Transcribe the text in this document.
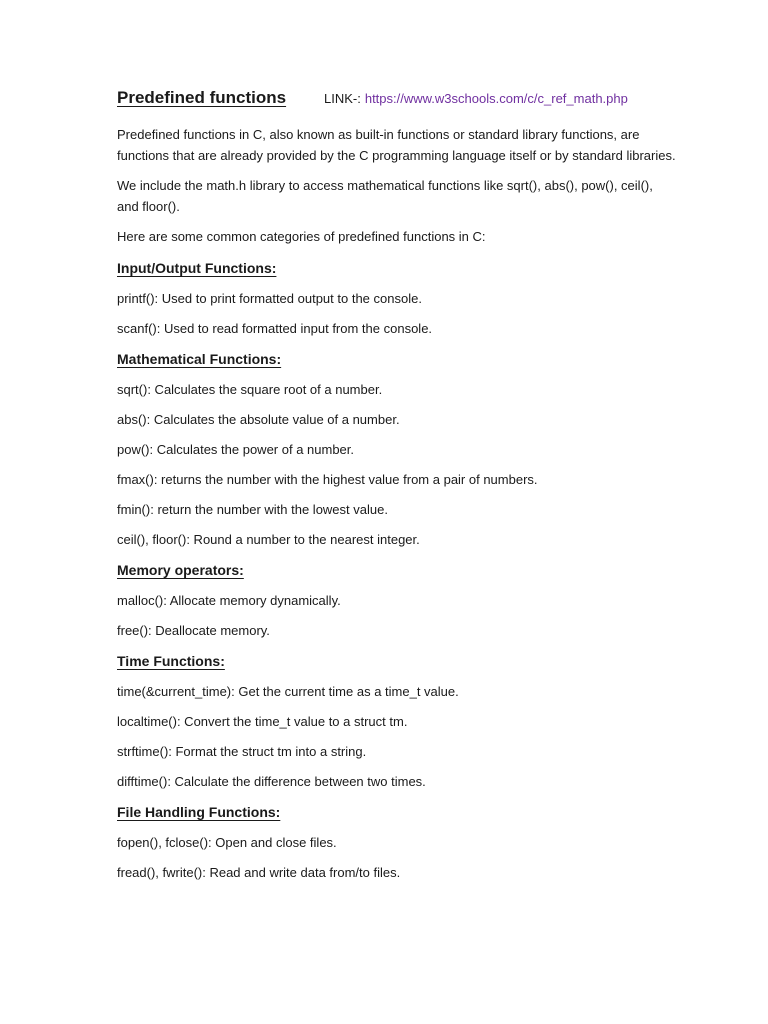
Predefined functions	LINK-: https://www.w3schools.com/c/c_ref_math.php

Predefined functions in C, also known as built-in functions or standard library functions, are functions that are already provided by the C programming language itself or by standard libraries.

We include the math.h library to access mathematical functions like sqrt(), abs(), pow(), ceil(), and floor().

Here are some common categories of predefined functions in C:

Input/Output Functions:
printf(): Used to print formatted output to the console.
scanf(): Used to read formatted input from the console.
Mathematical Functions:
sqrt(): Calculates the square root of a number.
abs(): Calculates the absolute value of a number.
pow(): Calculates the power of a number.
fmax(): returns the number with the highest value from a pair of numbers.
fmin(): return the number with the lowest value.
ceil(), floor(): Round a number to the nearest integer.
Memory operators:
malloc(): Allocate memory dynamically.
free(): Deallocate memory.
Time Functions:
time(&current_time): Get the current time as a time_t value.
localtime(): Convert the time_t value to a struct tm.
strftime(): Format the struct tm into a string.
difftime(): Calculate the difference between two times.
File Handling Functions:
fopen(), fclose(): Open and close files.
fread(), fwrite(): Read and write data from/to files.
